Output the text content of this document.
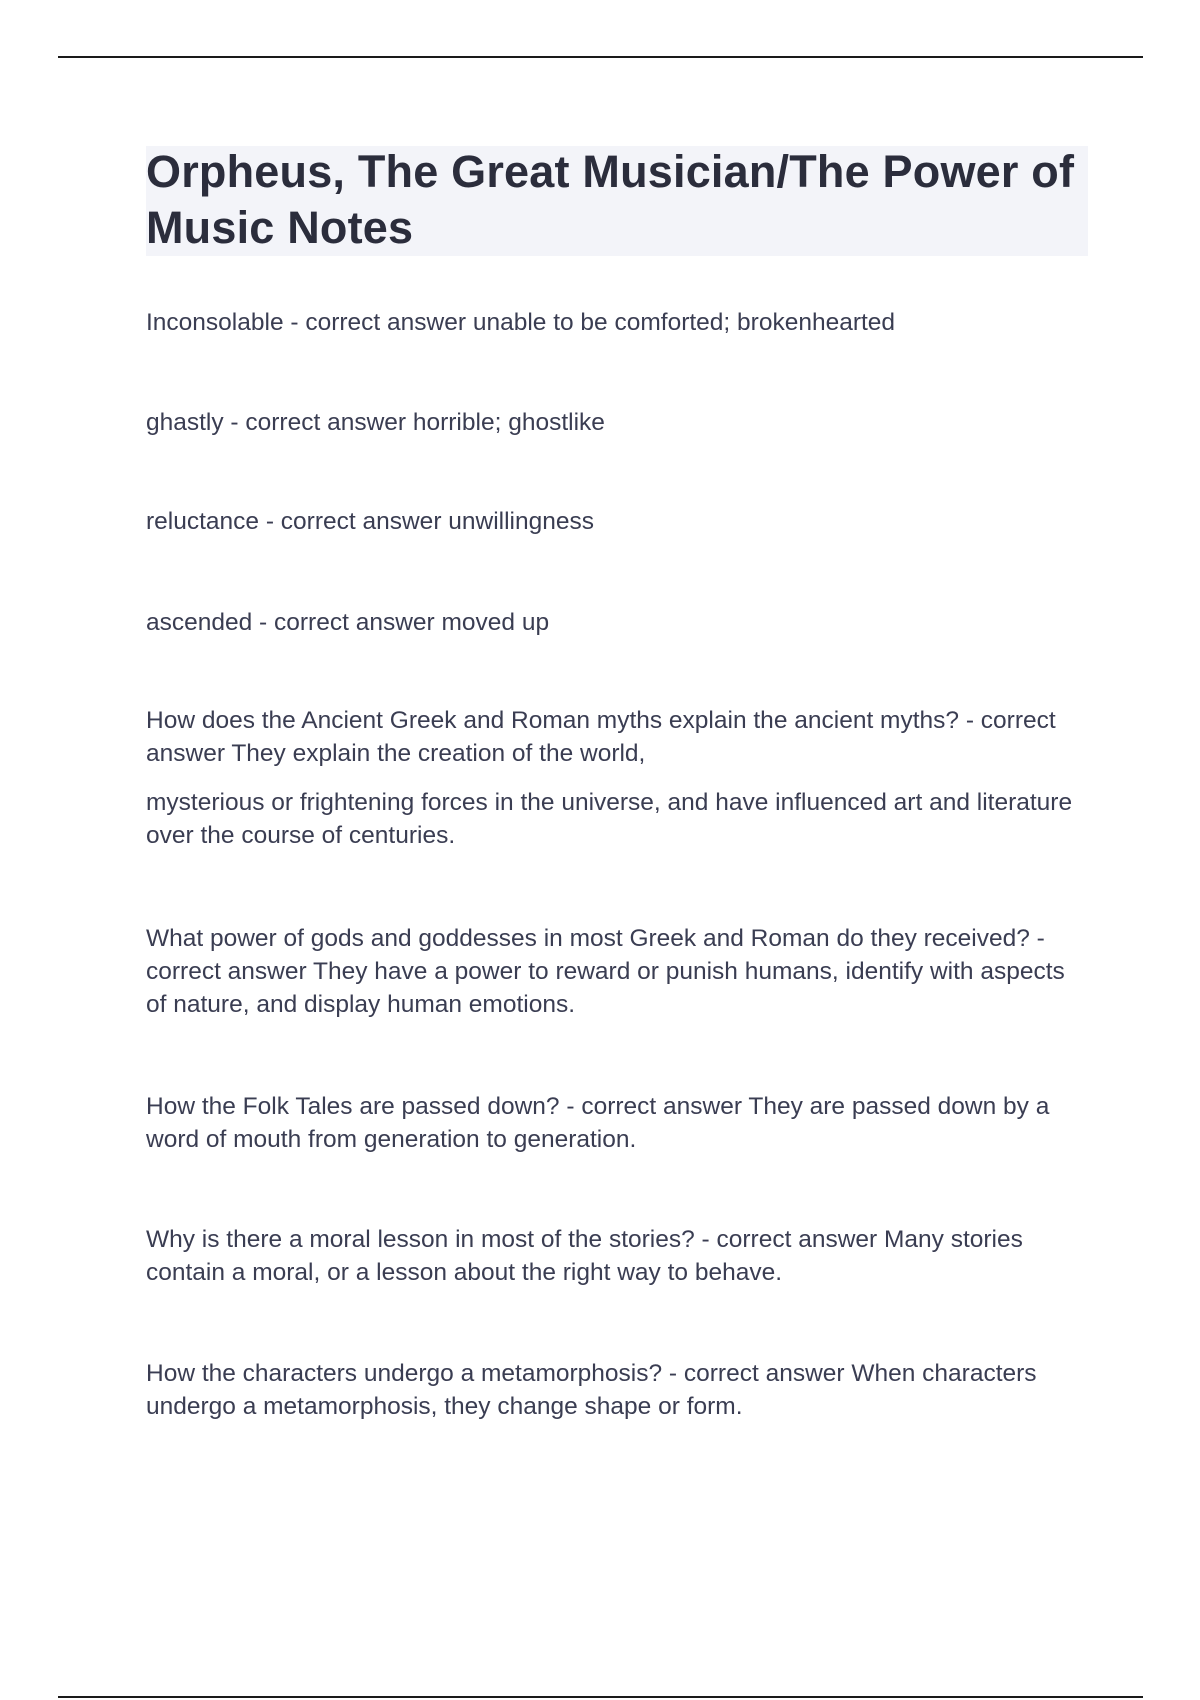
Orpheus, The Great Musician/The Power of Music Notes

Inconsolable - correct answer unable to be comforted; brokenhearted

ghastly - correct answer horrible; ghostlike

reluctance - correct answer unwillingness

ascended - correct answer moved up

How does the Ancient Greek and Roman myths explain the ancient myths? - correct answer They explain the creation of the world,

mysterious or frightening forces in the universe, and have influenced art and literature over the course of centuries.

What power of gods and goddesses in most Greek and Roman do they received? - correct answer They have a power to reward or punish humans, identify with aspects of nature, and display human emotions.

How the Folk Tales are passed down? - correct answer They are passed down by a word of mouth from generation to generation.

Why is there a moral lesson in most of the stories? - correct answer Many stories contain a moral, or a lesson about the right way to behave.

How the characters undergo a metamorphosis? - correct answer When characters undergo a metamorphosis, they change shape or form.
